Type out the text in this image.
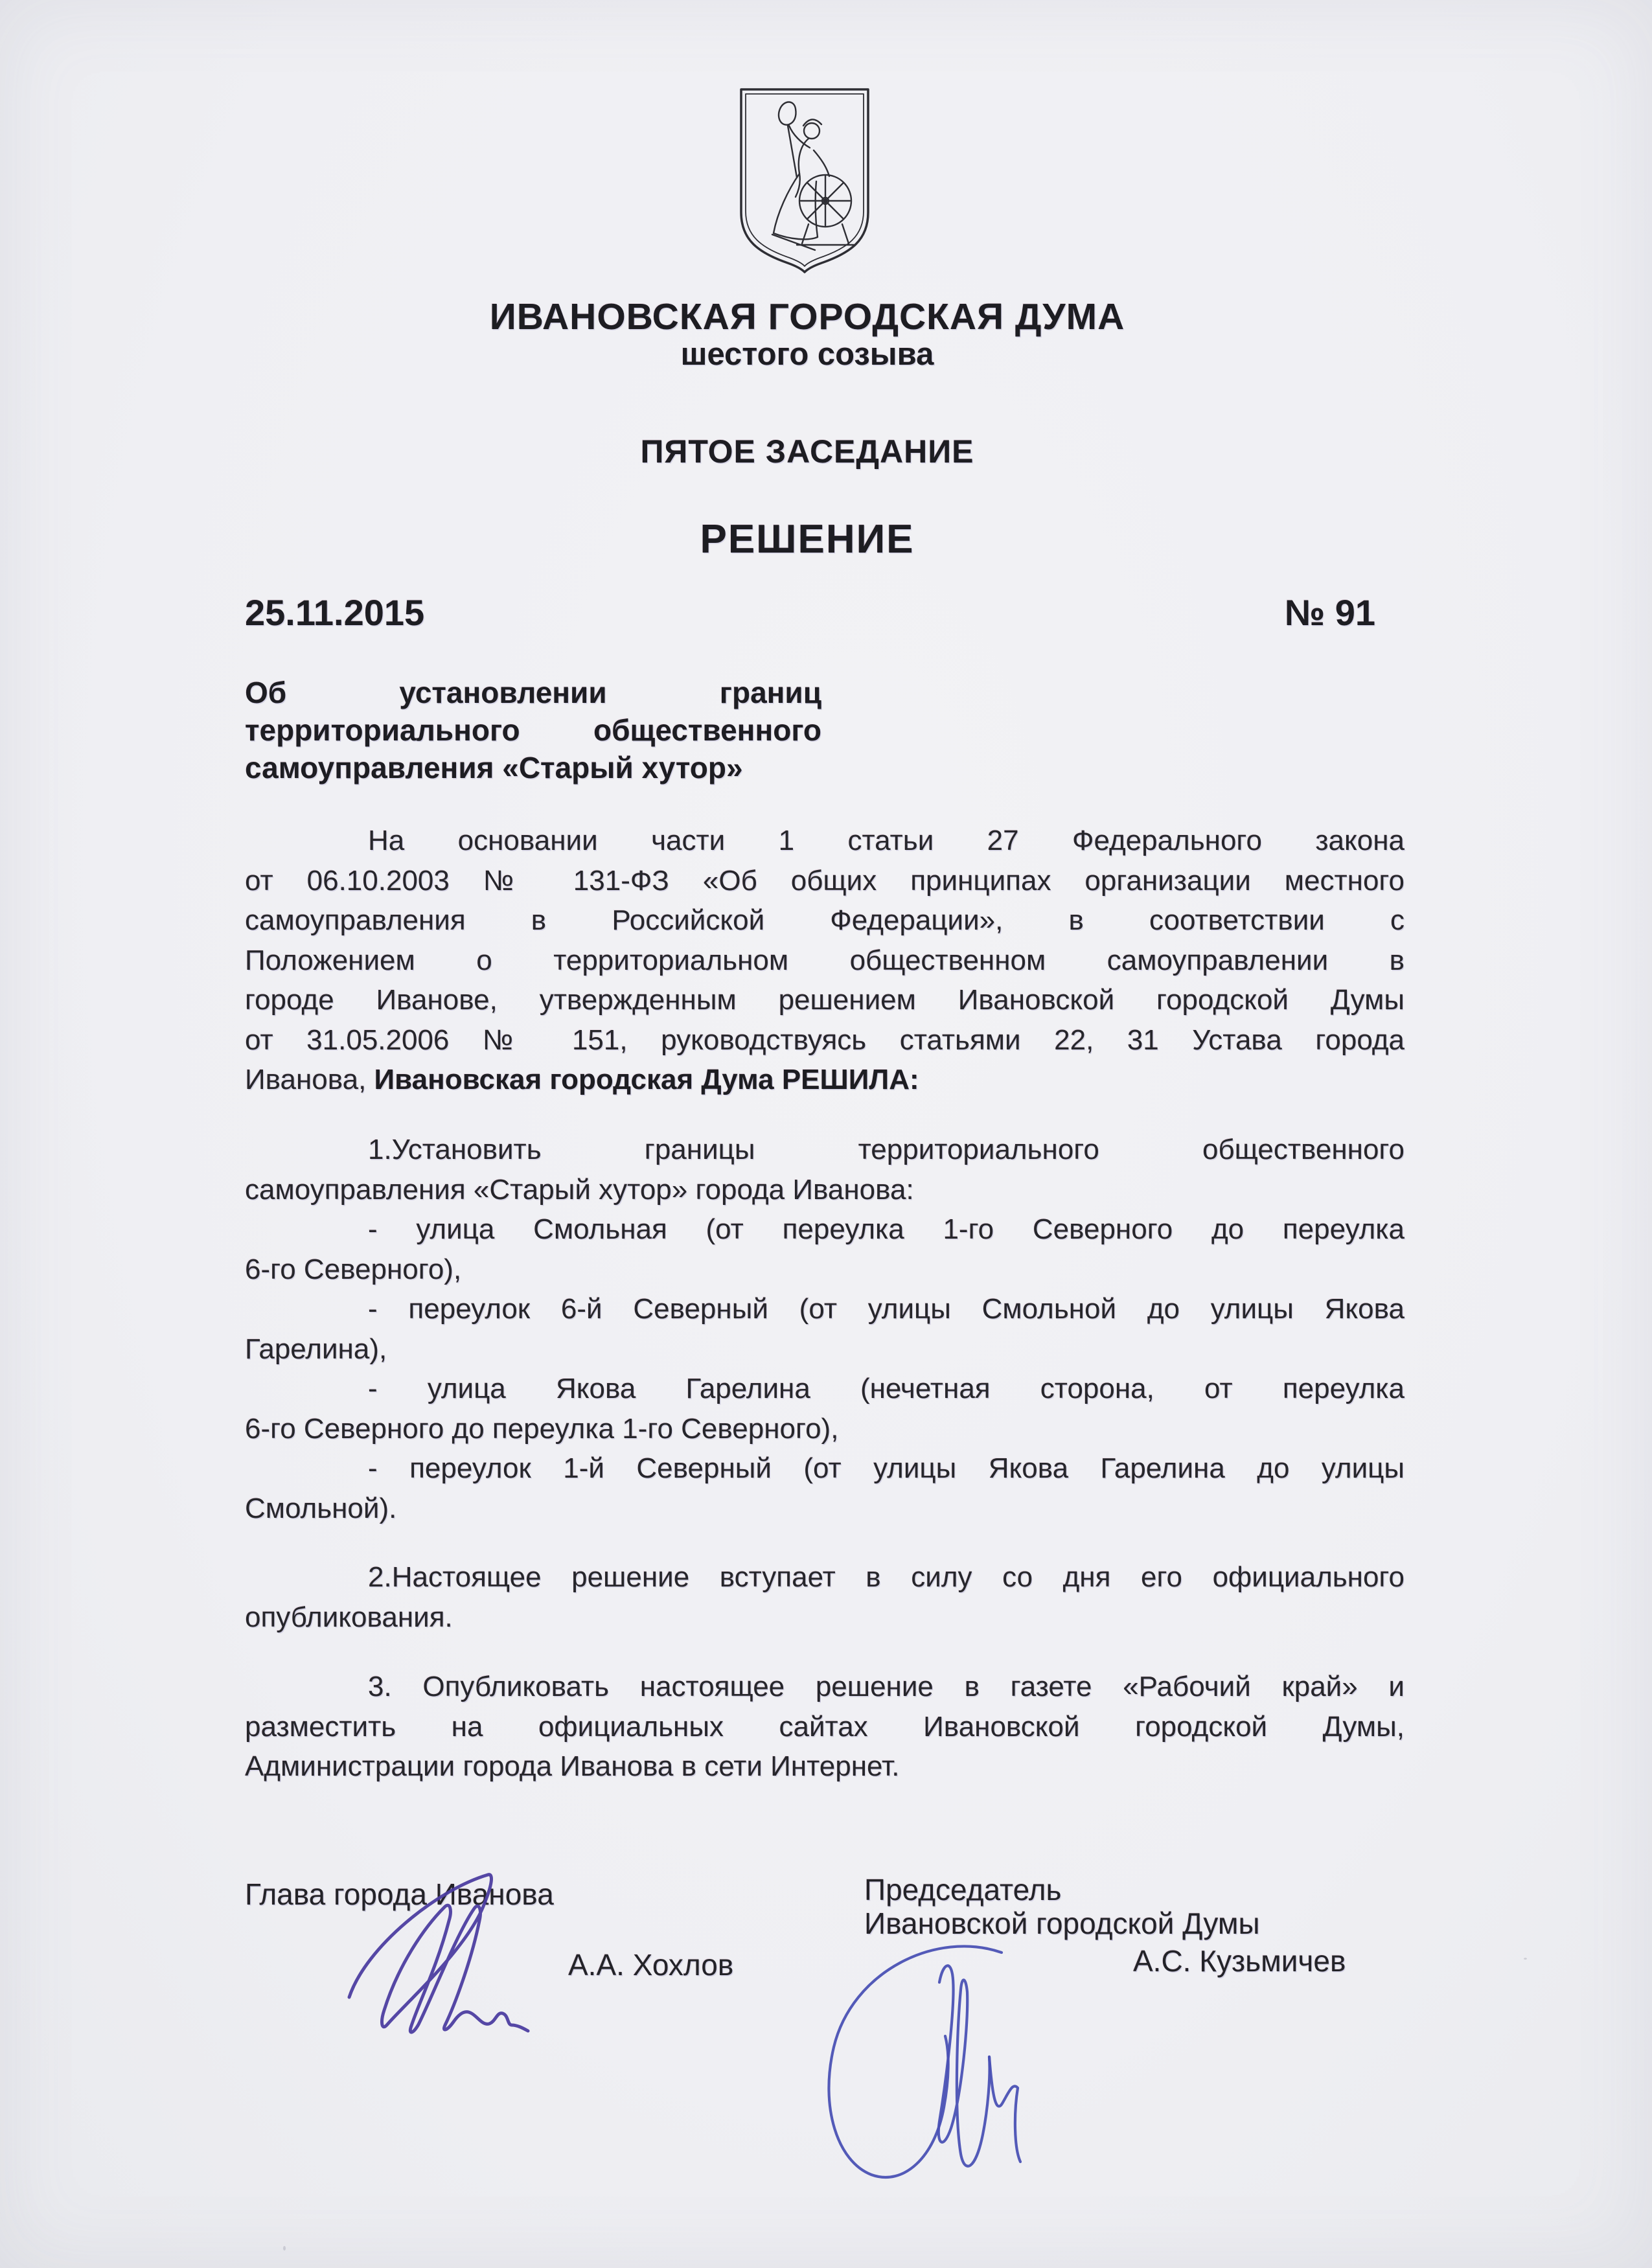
ИВАНОВСКАЯ ГОРОДСКАЯ ДУМА
шестого созыва
ПЯТОЕ ЗАСЕДАНИЕ
РЕШЕНИЕ
25.11.2015	№ 91
Об установлении границ
территориального общественного
самоуправления «Старый хутор»
На основании части 1 статьи 27 Федерального закона
от 06.10.2003 № 131-ФЗ «Об общих принципах организации местного
самоуправления в Российской Федерации», в соответствии с
Положением о территориальном общественном самоуправлении в
городе Иванове, утвержденным решением Ивановской городской Думы
от 31.05.2006 № 151, руководствуясь статьями 22, 31 Устава города
Иванова, Ивановская городская Дума РЕШИЛА:
1.Установить границы территориального общественного
самоуправления «Старый хутор» города Иванова:
- улица Смольная (от переулка 1-го Северного до переулка
6-го Северного),
- переулок 6-й Северный (от улицы Смольной до улицы Якова
Гарелина),
- улица Якова Гарелина (нечетная сторона, от переулка
6-го Северного до переулка 1-го Северного),
- переулок 1-й Северный (от улицы Якова Гарелина до улицы
Смольной).
2.Настоящее решение вступает в силу со дня его официального
опубликования.
3. Опубликовать настоящее решение в газете «Рабочий край» и
разместить на официальных сайтах Ивановской городской Думы,
Администрации города Иванова в сети Интернет.
Глава города Иванова	Председатель
Ивановской городской Думы
А.А. Хохлов	А.С. Кузьмичев
